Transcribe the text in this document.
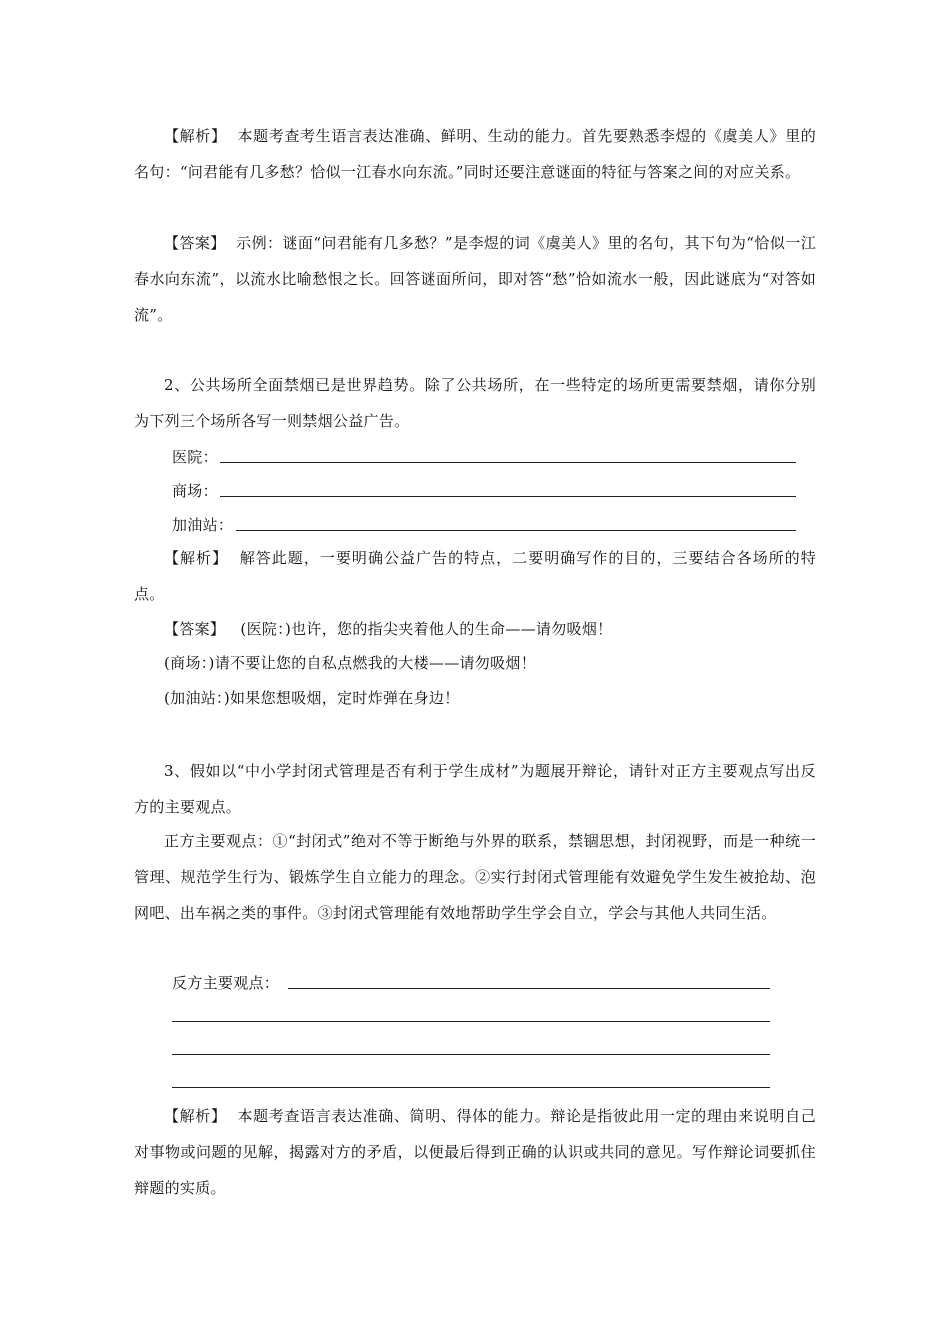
【解析】 本题考查考生语言表达准确、鲜明、生动的能力。首先要熟悉李煜的《虞美人》里的名句：“问君能有几多愁？恰似一江春水向东流。”同时还要注意谜面的特征与答案之间的对应关系。

【答案】 示例：谜面“问君能有几多愁？”是李煜的词《虞美人》里的名句，其下句为“恰似一江春水向东流”，以流水比喻愁恨之长。回答谜面所问，即对答“愁”恰如流水一般，因此谜底为“对答如流”。

2、公共场所全面禁烟已是世界趋势。除了公共场所，在一些特定的场所更需要禁烟，请你分别为下列三个场所各写一则禁烟公益广告。

医院：

商场：

加油站：

【解析】 解答此题，一要明确公益广告的特点，二要明确写作的目的，三要结合各场所的特点。

【答案】 (医院：)也许，您的指尖夹着他人的生命——请勿吸烟！

(商场：)请不要让您的自私点燃我的大楼——请勿吸烟！

(加油站：)如果您想吸烟，定时炸弹在身边！

3、假如以“中小学封闭式管理是否有利于学生成材”为题展开辩论，请针对正方主要观点写出反方的主要观点。

正方主要观点：①“封闭式”绝对不等于断绝与外界的联系，禁锢思想，封闭视野，而是一种统一管理、规范学生行为、锻炼学生自立能力的理念。②实行封闭式管理能有效避免学生发生被抢劫、泡网吧、出车祸之类的事件。③封闭式管理能有效地帮助学生学会自立，学会与其他人共同生活。

反方主要观点：

【解析】 本题考查语言表达准确、简明、得体的能力。辩论是指彼此用一定的理由来说明自己对事物或问题的见解，揭露对方的矛盾，以便最后得到正确的认识或共同的意见。写作辩论词要抓住辩题的实质。
